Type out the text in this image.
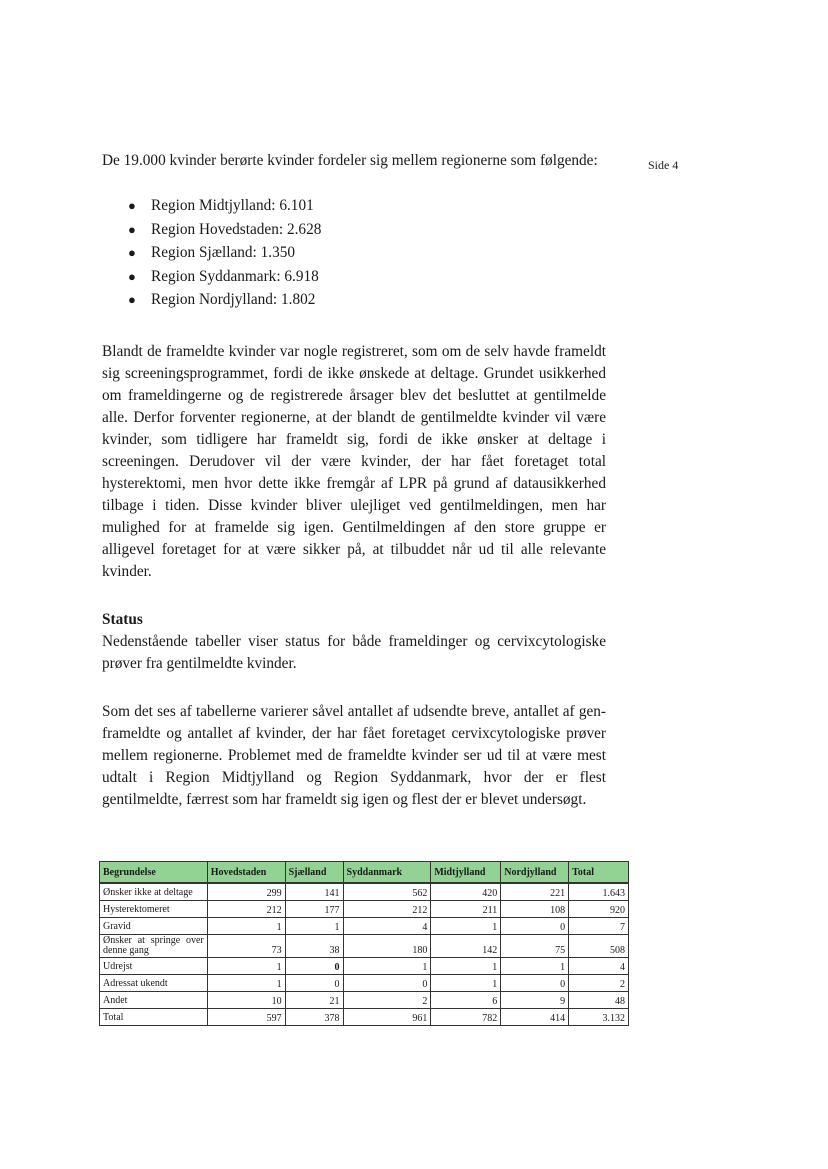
Side 4

De 19.000 kvinder berørte kvinder fordeler sig mellem regionerne som følgende:

● Region Midtjylland: 6.101
● Region Hovedstaden: 2.628
● Region Sjælland: 1.350
● Region Syddanmark: 6.918
● Region Nordjylland: 1.802

Blandt de frameldte kvinder var nogle registreret, som om de selv havde frameldt sig screeningsprogrammet, fordi de ikke ønskede at deltage. Grundet usikkerhed om frameldingerne og de registrerede årsager blev det besluttet at gentilmelde alle. Derfor forventer regionerne, at der blandt de gentilmeldte kvinder vil være kvinder, som tidligere har frameldt sig, fordi de ikke ønsker at deltage i screeningen. Derudover vil der være kvinder, der har fået foretaget total hysterektomi, men hvor dette ikke fremgår af LPR på grund af datausikkerhed tilbage i tiden. Disse kvinder bliver ulejliget ved gentilmeldingen, men har mulighed for at framelde sig igen. Gentilmeldingen af den store gruppe er alligevel foretaget for at være sikker på, at tilbuddet når ud til alle relevante kvinder.

Status

Nedenstående tabeller viser status for både frameldinger og cervixcytologiske prøver fra gentilmeldte kvinder.

Som det ses af tabellerne varierer såvel antallet af udsendte breve, antallet af gen-frameldte og antallet af kvinder, der har fået foretaget cervixcytologiske prøver mellem regionerne. Problemet med de frameldte kvinder ser ud til at være mest udtalt i Region Midtjylland og Region Syddanmark, hvor der er flest gentilmeldte, færrest som har frameldt sig igen og flest der er blevet undersøgt.

Begrundelse	Hovedstaden	Sjælland	Syddanmark	Midtjylland	Nordjylland	Total
Ønsker ikke at deltage	299	141	562	420	221	1.643
Hysterektomeret	212	177	212	211	108	920
Gravid	1	1	4	1	0	7
Ønsker at springe over denne gang	73	38	180	142	75	508
Udrejst	1	0	1	1	1	4
Adressat ukendt	1	0	0	1	0	2
Andet	10	21	2	6	9	48
Total	597	378	961	782	414	3.132
